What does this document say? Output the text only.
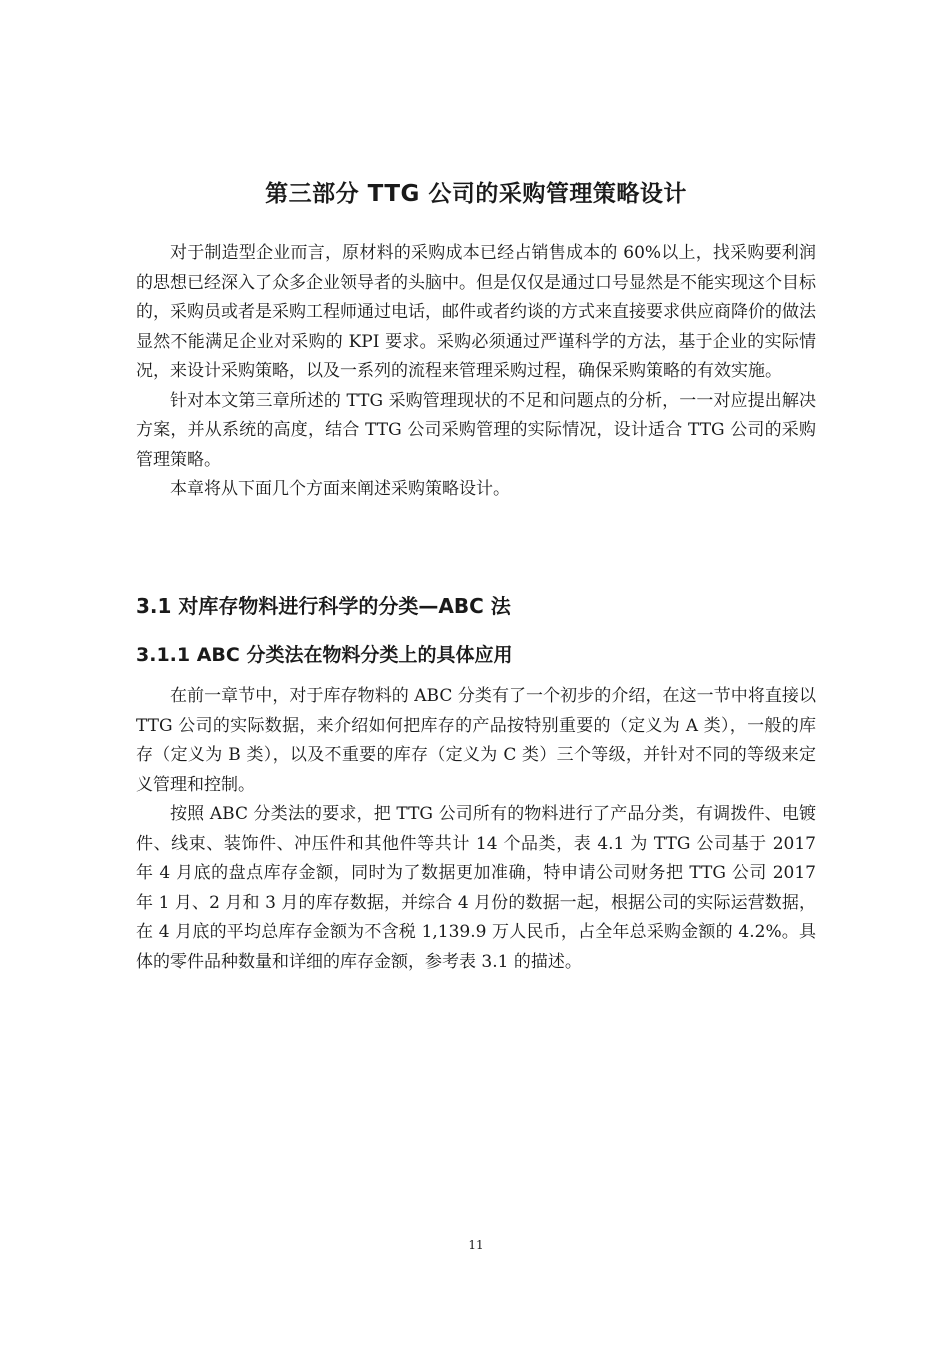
第三部分 TTG 公司的采购管理策略设计

对于制造型企业而言，原材料的采购成本已经占销售成本的 60%以上，找采购要利润的思想已经深入了众多企业领导者的头脑中。但是仅仅是通过口号显然是不能实现这个目标的，采购员或者是采购工程师通过电话，邮件或者约谈的方式来直接要求供应商降价的做法显然不能满足企业对采购的 KPI 要求。采购必须通过严谨科学的方法，基于企业的实际情况，来设计采购策略，以及一系列的流程来管理采购过程，确保采购策略的有效实施。

针对本文第三章所述的 TTG 采购管理现状的不足和问题点的分析，一一对应提出解决方案，并从系统的高度，结合 TTG 公司采购管理的实际情况，设计适合 TTG 公司的采购管理策略。

本章将从下面几个方面来阐述采购策略设计。

3.1 对库存物料进行科学的分类—ABC 法
3.1.1 ABC 分类法在物料分类上的具体应用

在前一章节中，对于库存物料的 ABC 分类有了一个初步的介绍，在这一节中将直接以 TTG 公司的实际数据，来介绍如何把库存的产品按特别重要的（定义为 A 类），一般的库存（定义为 B 类），以及不重要的库存（定义为 C 类）三个等级，并针对不同的等级来定义管理和控制。

按照 ABC 分类法的要求，把 TTG 公司所有的物料进行了产品分类，有调拨件、电镀件、线束、装饰件、冲压件和其他件等共计 14 个品类，表 4.1 为 TTG 公司基于 2017 年 4 月底的盘点库存金额，同时为了数据更加准确，特申请公司财务把 TTG 公司 2017 年 1 月、2 月和 3 月的库存数据，并综合 4 月份的数据一起，根据公司的实际运营数据，在 4 月底的平均总库存金额为不含税 1,139.9 万人民币，占全年总采购金额的 4.2%。具体的零件品种数量和详细的库存金额，参考表 3.1 的描述。

11
